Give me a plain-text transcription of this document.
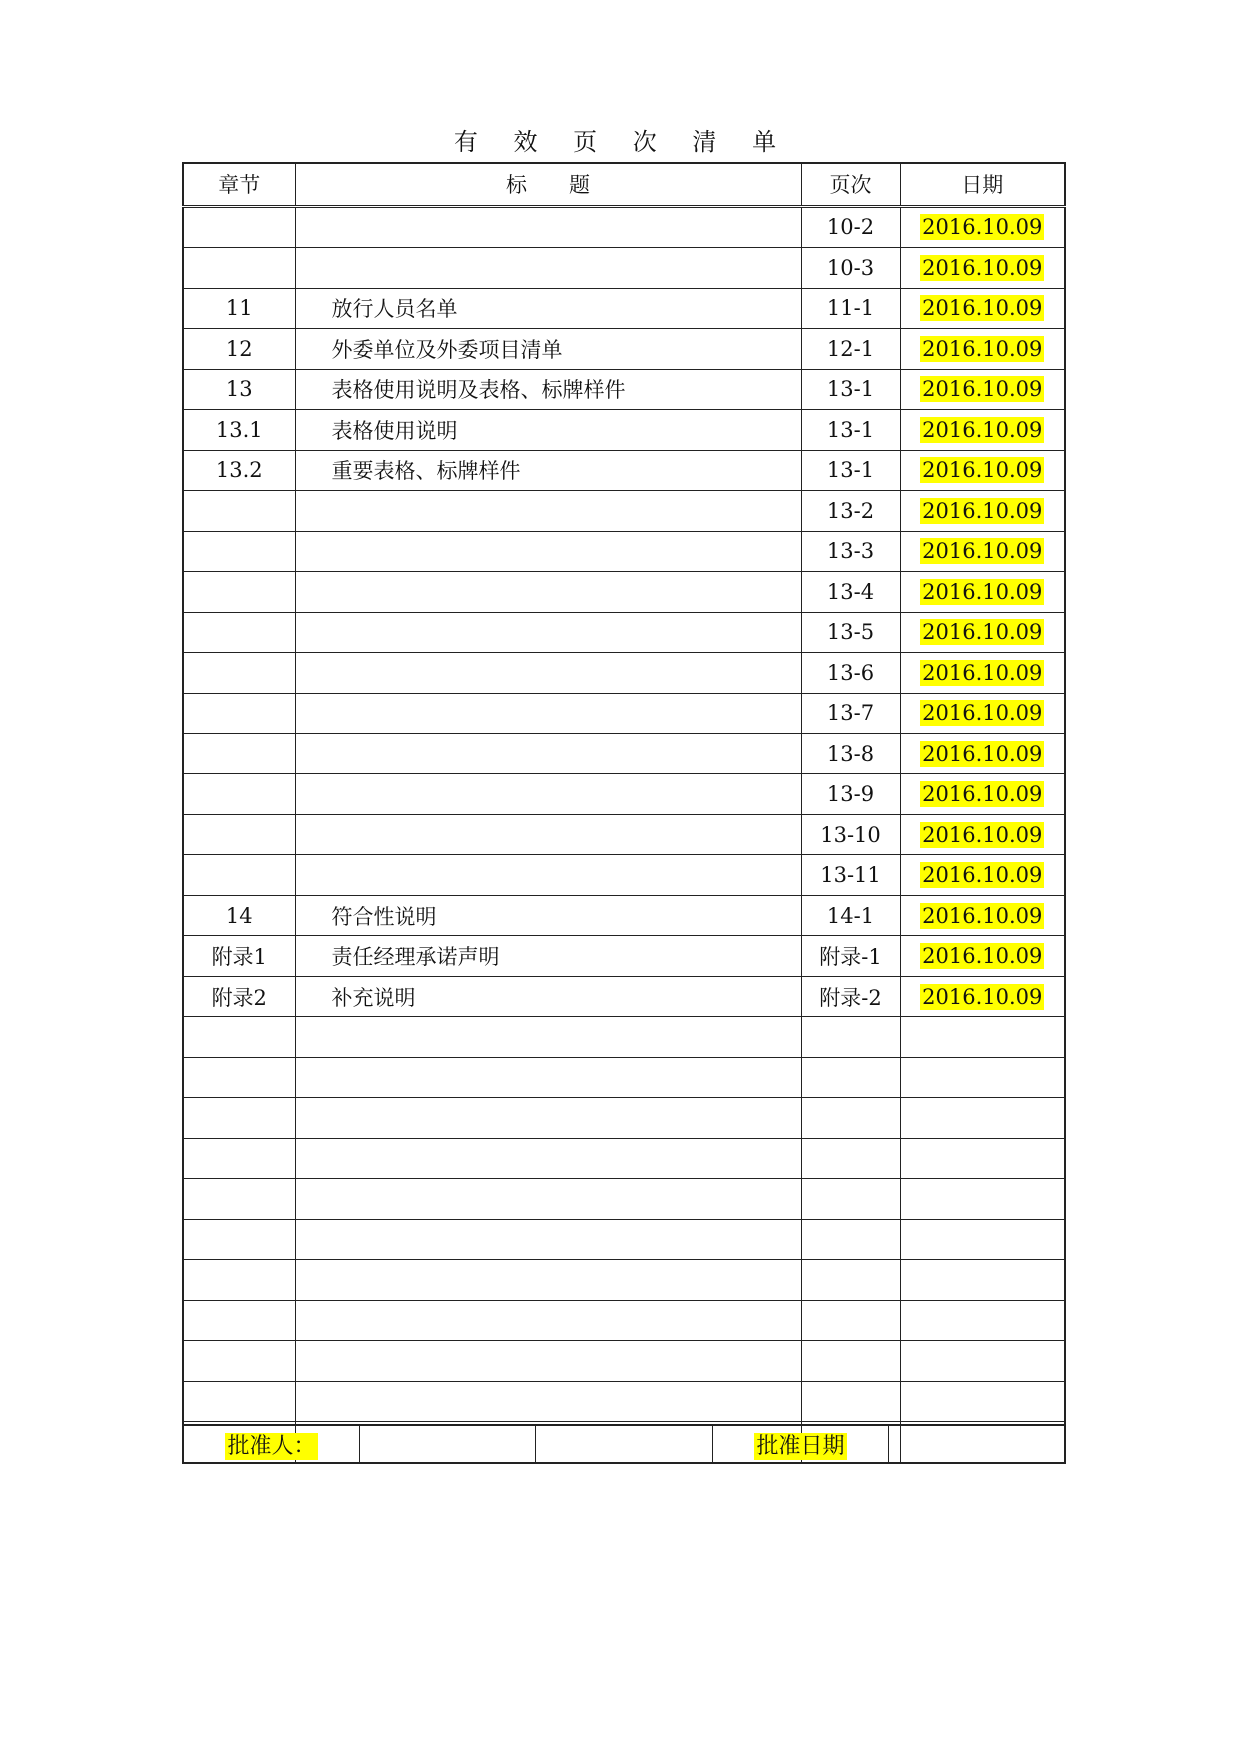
有 效 页 次 清 单
章节	标　　题	页次	日期
		10-2	2016.10.09
		10-3	2016.10.09
11	放行人员名单	11-1	2016.10.09
12	外委单位及外委项目清单	12-1	2016.10.09
13	表格使用说明及表格、标牌样件	13-1	2016.10.09
13.1	表格使用说明	13-1	2016.10.09
13.2	重要表格、标牌样件	13-1	2016.10.09
		13-2	2016.10.09
		13-3	2016.10.09
		13-4	2016.10.09
		13-5	2016.10.09
		13-6	2016.10.09
		13-7	2016.10.09
		13-8	2016.10.09
		13-9	2016.10.09
		13-10	2016.10.09
		13-11	2016.10.09
14	符合性说明	14-1	2016.10.09
附录1	责任经理承诺声明	附录-1	2016.10.09
附录2	补充说明	附录-2	2016.10.09

批准人：			批准日期	
